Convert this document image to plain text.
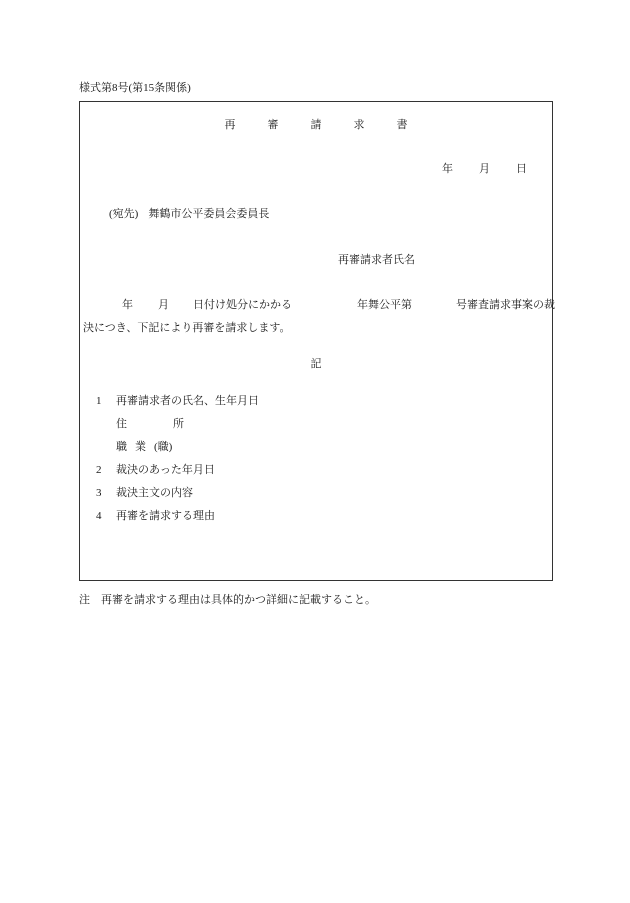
様式第8号(第15条関係)
再	審	請	求	書
年 月 日
(宛先) 舞鶴市公平委員会委員長
再審請求者氏名
年 月 日付け処分にかかる	年舞公平第	号審査請求事案の裁
決につき、下記により再審を請求します。
記
1 再審請求者の氏名、生年月日
住	所
職 業 (職)
2 裁決のあった年月日
3 裁決主文の内容
4 再審を請求する理由
注　再審を請求する理由は具体的かつ詳細に記載すること。
